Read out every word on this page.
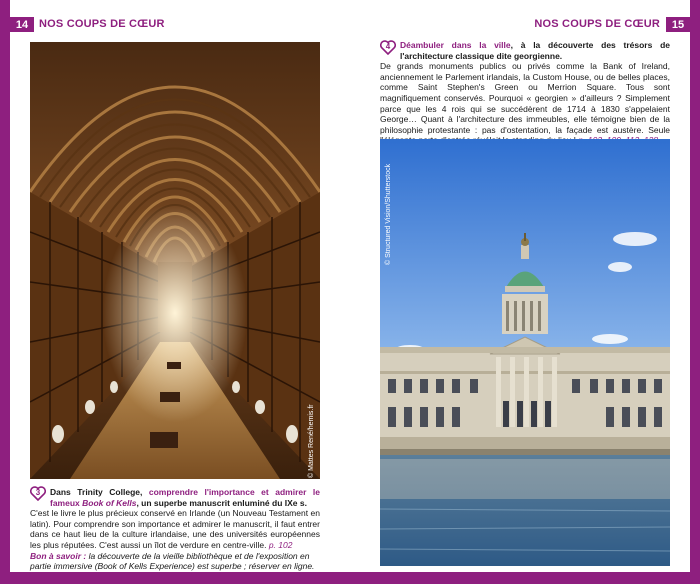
14 NOS COUPS DE CŒUR	NOS COUPS DE CŒUR	15
© Mattes René/hemis.fr
3	Dans Trinity College, comprendre l'importance et admirer le fameux Book of Kells, un superbe manuscrit enluminé du IXe s.
C'est le livre le plus précieux conservé en Irlande (un Nouveau Testament en latin). Pour comprendre son importance et admirer le manuscrit, il faut entrer dans ce haut lieu de la culture irlandaise, une des universités européennes les plus réputées. C'est aussi un îlot de verdure en centre-ville. p. 102
Bon à savoir : la découverte de la vieille bibliothèque et de l'exposition en partie immersive (Book of Kells Experience) est superbe ; réserver en ligne.
4	Déambuler dans la ville, à la découverte des trésors de l'architecture classique dite georgienne.
De grands monuments publics ou privés comme la Bank of Ireland, anciennement le Parlement irlandais, la Custom House, ou de belles places, comme Saint Stephen's Green ou Merrion Square. Tous sont magnifiquement conservés. Pourquoi « georgien » d'ailleurs ? Simplement parce que les 4 rois qui se succédèrent de 1714 à 1830 s'appelaient George… Quant à l'architecture des immeubles, elle témoigne bien de la philosophie protestante : pas d'ostentation, la façade est austère. Seule
© Structured Vision/Shutterstock
